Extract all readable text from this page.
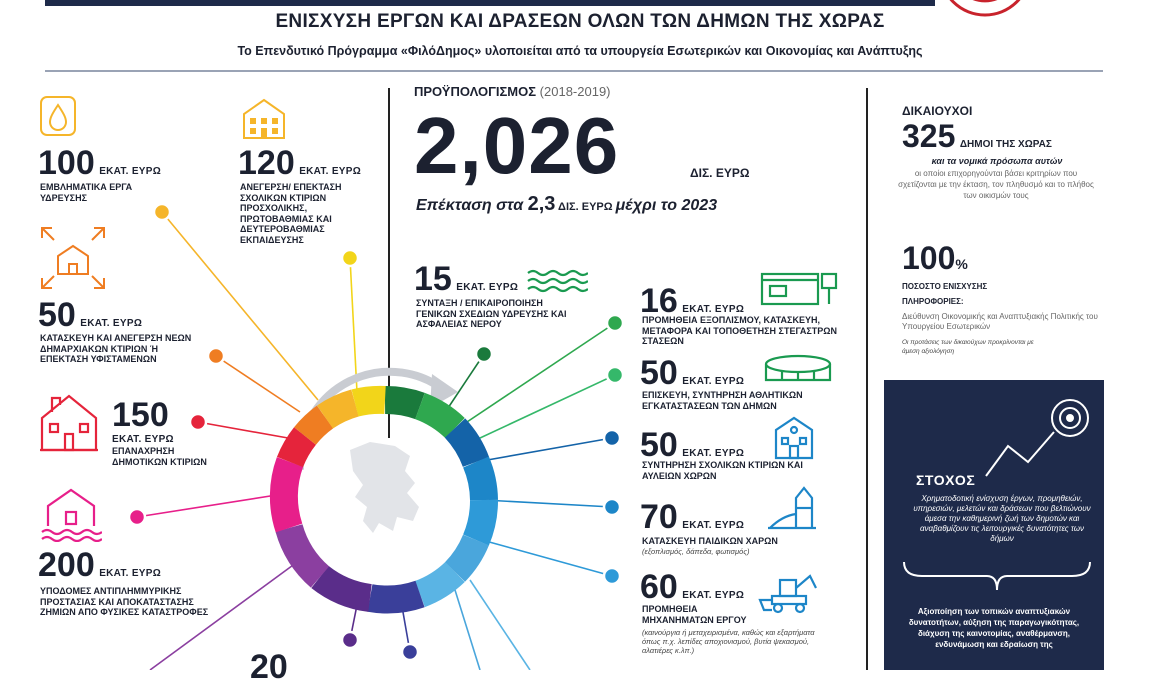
ΕΝΙΣΧΥΣΗ ΕΡΓΩΝ ΚΑΙ ΔΡΑΣΕΩΝ ΟΛΩΝ ΤΩΝ ΔΗΜΩΝ ΤΗΣ ΧΩΡΑΣ
Το Επενδυτικό Πρόγραμμα «ΦιλόΔημος» υλοποιείται από τα υπουργεία Εσωτερικών και Οικονομίας και Ανάπτυξης
100 ΕΚΑΤ. ΕΥΡΩ
ΕΜΒΛΗΜΑΤΙΚΑ ΕΡΓΑ ΥΔΡΕΥΣΗΣ
120 ΕΚΑΤ. ΕΥΡΩ
ΑΝΕΓΕΡΣΗ/ ΕΠΕΚΤΑΣΗ ΣΧΟΛΙΚΩΝ ΚΤΙΡΙΩΝ ΠΡΟΣΧΟΛΙΚΗΣ, ΠΡΩΤΟΒΑΘΜΙΑΣ ΚΑΙ ΔΕΥΤΕΡΟΒΑΘΜΙΑΣ ΕΚΠΑΙΔΕΥΣΗΣ
50 ΕΚΑΤ. ΕΥΡΩ
ΚΑΤΑΣΚΕΥΗ ΚΑΙ ΑΝΕΓΕΡΣΗ ΝΕΩΝ ΔΗΜΑΡΧΙΑΚΩΝ ΚΤΙΡΙΩΝ Ή ΕΠΕΚΤΑΣΗ ΥΦΙΣΤΑΜΕΝΩΝ
150
ΕΚΑΤ. ΕΥΡΩ
ΕΠΑΝΑΧΡΗΣΗ ΔΗΜΟΤΙΚΩΝ ΚΤΙΡΙΩΝ
200 ΕΚΑΤ. ΕΥΡΩ
ΥΠΟΔΟΜΕΣ ΑΝΤΙΠΛΗΜΜΥΡΙΚΗΣ ΠΡΟΣΤΑΣΙΑΣ ΚΑΙ ΑΠΟΚΑΤΑΣΤΑΣΗΣ ΖΗΜΙΩΝ ΑΠΟ ΦΥΣΙΚΕΣ ΚΑΤΑΣΤΡΟΦΕΣ
20
ΠΡΟΫΠΟΛΟΓΙΣΜΟΣ (2018-2019)
2,026	ΔΙΣ. ΕΥΡΩ
Επέκταση στα 2,3 ΔΙΣ. ΕΥΡΩ μέχρι το 2023
15 ΕΚΑΤ. ΕΥΡΩ
ΣΥΝΤΑΞΗ / ΕΠΙΚΑΙΡΟΠΟΙΗΣΗ ΓΕΝΙΚΩΝ ΣΧΕΔΙΩΝ ΥΔΡΕΥΣΗΣ ΚΑΙ ΑΣΦΑΛΕΙΑΣ ΝΕΡΟΥ
16 ΕΚΑΤ. ΕΥΡΩ
ΠΡΟΜΗΘΕΙΑ ΕΞΟΠΛΙΣΜΟΥ, ΚΑΤΑΣΚΕΥΗ, ΜΕΤΑΦΟΡΑ ΚΑΙ ΤΟΠΟΘΕΤΗΣΗ ΣΤΕΓΑΣΤΡΩΝ ΣΤΑΣΕΩΝ
50 ΕΚΑΤ. ΕΥΡΩ
ΕΠΙΣΚΕΥΗ, ΣΥΝΤΗΡΗΣΗ ΑΘΛΗΤΙΚΩΝ ΕΓΚΑΤΑΣΤΑΣΕΩΝ ΤΩΝ ΔΗΜΩΝ
50 ΕΚΑΤ. ΕΥΡΩ
ΣΥΝΤΗΡΗΣΗ ΣΧΟΛΙΚΩΝ ΚΤΙΡΙΩΝ ΚΑΙ ΑΥΛΕΙΩΝ ΧΩΡΩΝ
70 ΕΚΑΤ. ΕΥΡΩ
ΚΑΤΑΣΚΕΥΗ ΠΑΙΔΙΚΩΝ ΧΑΡΩΝ
(εξοπλισμός, δάπεδα, φωτισμός)
60 ΕΚΑΤ. ΕΥΡΩ
ΠΡΟΜΗΘΕΙΑ ΜΗΧΑΝΗΜΑΤΩΝ ΕΡΓΟΥ
(καινούργια ή μεταχειρισμένα, καθώς και εξαρτήματα όπως π.χ. λεπίδες αποχιονισμού, βυτία ψεκασμού, αλατιέρες κ.λπ.)
ΔΙΚΑΙΟΥΧΟΙ
325 ΔΗΜΟΙ ΤΗΣ ΧΩΡΑΣ
και τα νομικά πρόσωπα αυτών
οι οποίοι επιχορηγούνται βάσει κριτηρίων που σχετίζονται με την έκταση, τον πληθυσμό και το πλήθος των οικισμών τους
100%
ΠΟΣΟΣΤΟ ΕΝΙΣΧΥΣΗΣ
ΠΛΗΡΟΦΟΡΙΕΣ:
Διεύθυνση Οικονομικής και Αναπτυξιακής Πολιτικής του Υπουργείου Εσωτερικών
Οι προτάσεις των δικαιούχων προκρίνονται με άμεση αξιολόγηση
ΣΤΟΧΟΣ
Χρηματοδοτική ενίσχυση έργων, προμηθειών, υπηρεσιών, μελετών και δράσεων που βελτιώνουν άμεσα την καθημερινή ζωή των δημοτών και αναβαθμίζουν τις λειτουργικές δυνατότητες των δήμων
Αξιοποίηση των τοπικών αναπτυξιακών δυνατοτήτων, αύξηση της παραγωγικότητας, διάχυση της καινοτομίας, αναθέρμανση, ενδυνάμωση και εδραίωση της
